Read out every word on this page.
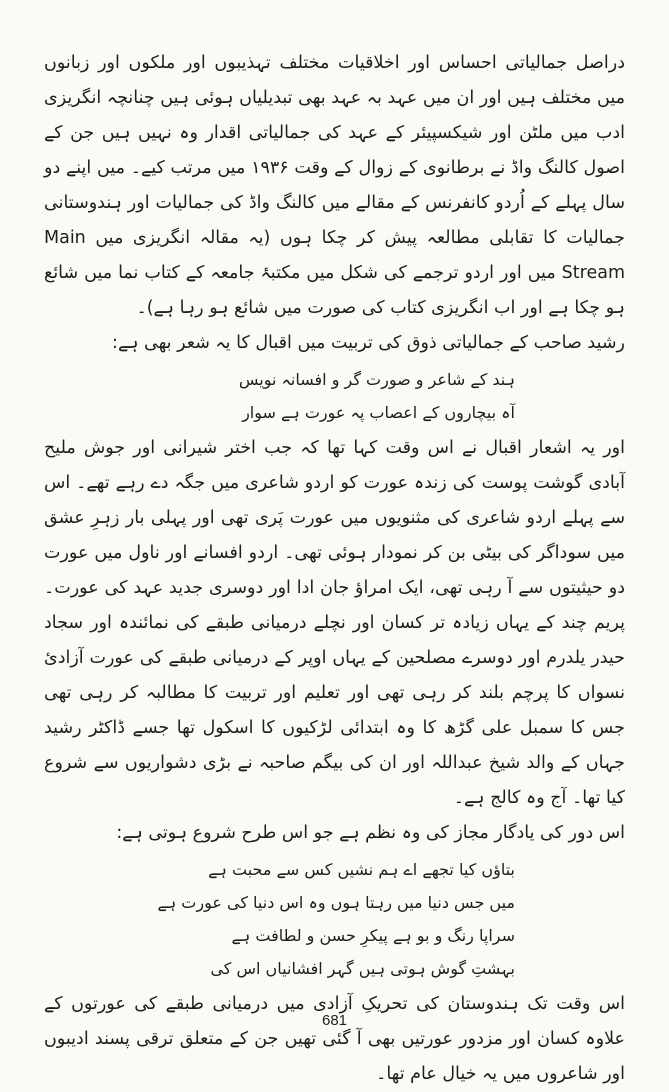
دراصل جمالیاتی احساس اور اخلاقیات مختلف تہذیبوں اور ملکوں اور زبانوں میں مختلف ہیں اور ان میں عہد بہ عہد بھی تبدیلیاں ہوئی ہیں چنانچہ انگریزی ادب میں ملٹن اور شیکسپیئر کے عہد کی جمالیاتی اقدار وہ نہیں ہیں جن کے اصول کالنگ واڈ نے برطانوی کے زوال کے وقت ۱۹۳۶ میں مرتب کیے۔ میں اپنے دو سال پہلے کے اُردو کانفرنس کے مقالے میں کالنگ واڈ کی جمالیات اور ہندوستانی جمالیات کا تقابلی مطالعہ پیش کر چکا ہوں (یہ مقالہ انگریزی میں Main Stream میں اور اردو ترجمے کی شکل میں مکتبۂ جامعہ کے کتاب نما میں شائع ہو چکا ہے اور اب انگریزی کتاب کی صورت میں شائع ہو رہا ہے)۔

رشید صاحب کے جمالیاتی ذوق کی تربیت میں اقبال کا یہ شعر بھی ہے:

ہند کے شاعر و صورت گر و افسانہ نویس

آہ بیچاروں کے اعصاب پہ عورت ہے سوار

اور یہ اشعار اقبال نے اس وقت کہا تھا کہ جب اختر شیرانی اور جوش ملیح آبادی گوشت پوست کی زندہ عورت کو اردو شاعری میں جگہ دے رہے تھے۔ اس سے پہلے اردو شاعری کی مثنویوں میں عورت پَری تھی اور پہلی بار زہرِ عشق میں سوداگر کی بیٹی بن کر نمودار ہوئی تھی۔ اردو افسانے اور ناول میں عورت دو حیثیتوں سے آ رہی تھی، ایک امراؤ جان ادا اور دوسری جدید عہد کی عورت۔ پریم چند کے یہاں زیادہ تر کسان اور نچلے درمیانی طبقے کی نمائندہ اور سجاد حیدر یلدرم اور دوسرے مصلحین کے یہاں اوپر کے درمیانی طبقے کی عورت آزادیٔ نسواں کا پرچم بلند کر رہی تھی اور تعلیم اور تربیت کا مطالبہ کر رہی تھی جس کا سمبل علی گڑھ کا وہ ابتدائی لڑکیوں کا اسکول تھا جسے ڈاکٹر رشید جہاں کے والد شیخ عبداللہ اور ان کی بیگم صاحبہ نے بڑی دشواریوں سے شروع کیا تھا۔ آج وہ کالج ہے۔

اس دور کی یادگار مجاز کی وہ نظم ہے جو اس طرح شروع ہوتی ہے:

بتاؤں کیا تجھے اے ہم نشیں کس سے محبت ہے

میں جس دنیا میں رہتا ہوں وہ اس دنیا کی عورت ہے

سراپا رنگ و بو ہے پیکرِ حسن و لطافت ہے

بہشتِ گوش ہوتی ہیں گہر افشانیاں اس کی

اس وقت تک ہندوستان کی تحریکِ آزادی میں درمیانی طبقے کی عورتوں کے علاوہ کسان اور مزدور عورتیں بھی آ گئی تھیں جن کے متعلق ترقی پسند ادیبوں اور شاعروں میں یہ خیال عام تھا۔

681
